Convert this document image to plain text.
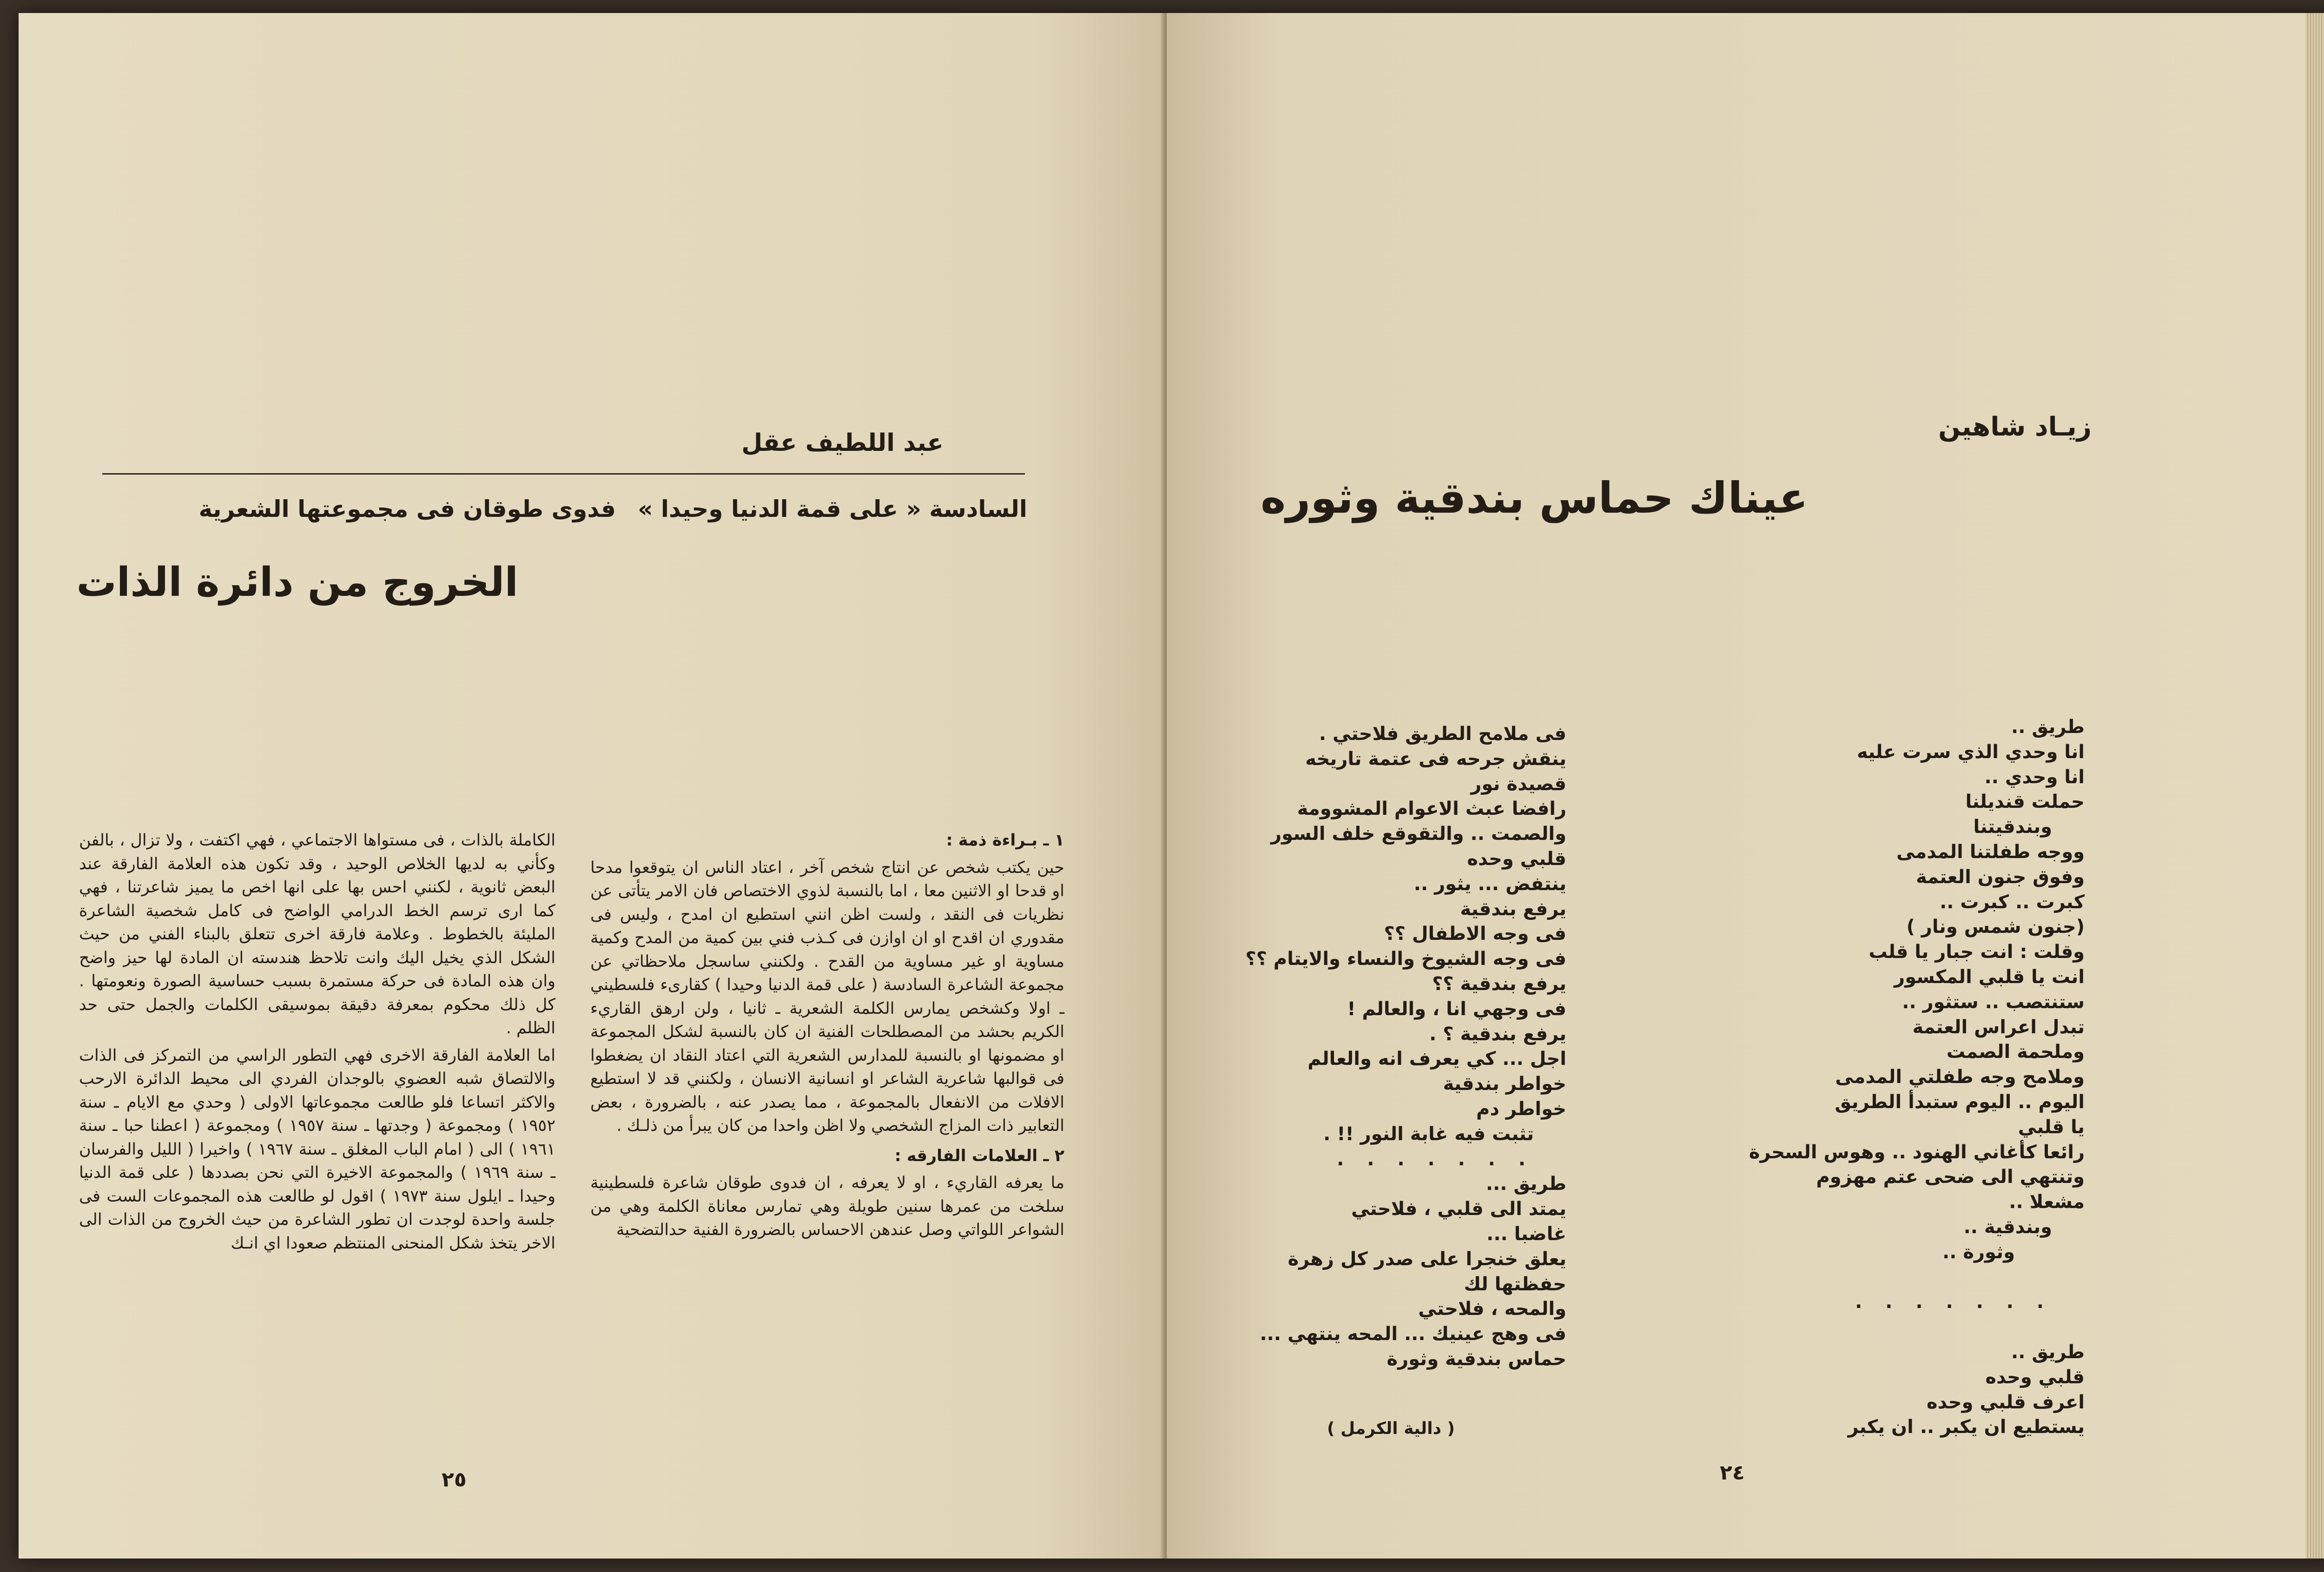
عبد اللطيف عقل
السادسة « على قمة الدنيا وحيدا »
فدوى طوقان فى مجموعتها الشعرية
الخروج من دائرة الذات

١ ـ بـراءة ذمة :

حين يكتب شخص عن انتاج شخص آخر ، اعتاد الناس ان يتوقعوا مدحا او قدحا او الاثنين معا ، اما بالنسبة لذوي الاختصاص فان الامر يتأتى عن نظريات فى النقد ، ولست اظن انني استطيع ان امدح ، وليس فى مقدوري ان اقدح او ان اوازن فى كـذب فني بين كمية من المدح وكمية مساوية او غير مساوية من القدح . ولكنني ساسجل ملاحظاتي عن مجموعة الشاعرة السادسة ( على قمة الدنيا وحيدا ) كقارىء فلسطيني ـ اولا وكشخص يمارس الكلمة الشعرية ـ ثانيا ، ولن ارهق القاريء الكريم بحشد من المصطلحات الفنية ان كان بالنسبة لشكل المجموعة او مضمونها او بالنسبة للمدارس الشعرية التي اعتاد النقاد ان يضغطوا فى قوالبها شاعرية الشاعر او انسانية الانسان ، ولكنني قد لا استطيع الافلات من الانفعال بالمجموعة ، مما يصدر عنه ، بالضرورة ، بعض التعابير ذات المزاج الشخصي ولا اظن واحدا من كان يبرأ من ذلـك .

٢ ـ العلامات الفارقه :

ما يعرفه القاريء ، او لا يعرفه ، ان فدوى طوقان شاعرة فلسطينية سلخت من عمرها سنين طويلة وهي تمارس معاناة الكلمة وهي من الشواعر اللواتي وصل عندهن الاحساس بالضرورة الفنية حدالتضحية

الكاملة بالذات ، فى مستواها الاجتماعي ، فهي اكتفت ، ولا تزال ، بالفن وكأني به لديها الخلاص الوحيد ، وقد تكون هذه العلامة الفارقة عند البعض ثانوية ، لكنني احس بها على انها اخص ما يميز شاعرتنا ، فهي كما ارى ترسم الخط الدرامي الواضح فى كامل شخصية الشاعرة المليئة بالخطوط . وعلامة فارقة اخرى تتعلق بالبناء الفني من حيث الشكل الذي يخيل اليك وانت تلاحظ هندسته ان المادة لها حيز واضح وان هذه المادة فى حركة مستمرة بسبب حساسية الصورة ونعومتها . كل ذلك محكوم بمعرفة دقيقة بموسيقى الكلمات والجمل حتى حد الظلم .

اما العلامة الفارقة الاخرى فهي التطور الراسي من التمركز فى الذات والالتصاق شبه العضوي بالوجدان الفردي الى محيط الدائرة الارحب والاكثر اتساعا فلو طالعت مجموعاتها الاولى ( وحدي مع الايام ـ سنة ١٩٥٢ ) ومجموعة ( وجدتها ـ سنة ١٩٥٧ ) ومجموعة ( اعطنا حبا ـ سنة ١٩٦١ ) الى ( امام الباب المغلق ـ سنة ١٩٦٧ ) واخيرا ( الليل والفرسان ـ سنة ١٩٦٩ ) والمجموعة الاخيرة التي نحن بصددها ( على قمة الدنيا وحيدا ـ ايلول سنة ١٩٧٣ ) اقول لو طالعت هذه المجموعات الست فى جلسة واحدة لوجدت ان تطور الشاعرة من حيث الخروج من الذات الى الاخر يتخذ شكل المنحنى المنتظم صعودا اي انـك

٢٥
زيـاد شاهين
عيناك حماس بندقية وثوره
طريق ..
انا وحدي الذي سرت عليه
انا وحدي ..
حملت قنديلنا
وبندقيتنا
ووجه طفلتنا المدمى
وفوق جنون العتمة
كبرت .. كبرت ..
(جنون شمس ونار )
وقلت : انت جبار يا قلب
انت يا قلبي المكسور
ستنتصب .. ستثور ..
تبدل اعراس العتمة
وملحمة الصمت
وملامح وجه طفلتي المدمى
اليوم .. اليوم ستبدأ الطريق
يا قلبي
رائعا كأغاني الهنود .. وهوس السحرة
وتنتهي الى ضحى عتم مهزوم
مشعلا ..
وبندقية ..
وثورة ..

. . . . . . .

طريق ..
قلبي وحده
اعرف قلبي وحده
يستطيع ان يكبر .. ان يكبر
فى ملامح الطريق فلاحتي .
ينقش جرحه فى عتمة تاريخه
قصيدة نور
رافضا عبث الاعوام المشوومة
والصمت .. والتقوقع خلف السور
قلبي وحده
ينتفض ... يثور ..
يرفع بندقية
فى وجه الاطفال ؟؟
فى وجه الشيوخ والنساء والايتام ؟؟
يرفع بندقية ؟؟
فى وجهي انا ، والعالم !
يرفع بندقية ؟ .
اجل ... كي يعرف انه والعالم
خواطر بندقية
خواطر دم
تثبت فيه غابة النور !! .
. . . . . . .
طريق ...
يمتد الى قلبي ، فلاحتي
غاضبا ...
يعلق خنجرا على صدر كل زهرة
حفظتها لك
والمحه ، فلاحتي
فى وهج عينيك ... المحه ينتهي ...
حماس بندقية وثورة
( دالية الكرمل )
٢٤
